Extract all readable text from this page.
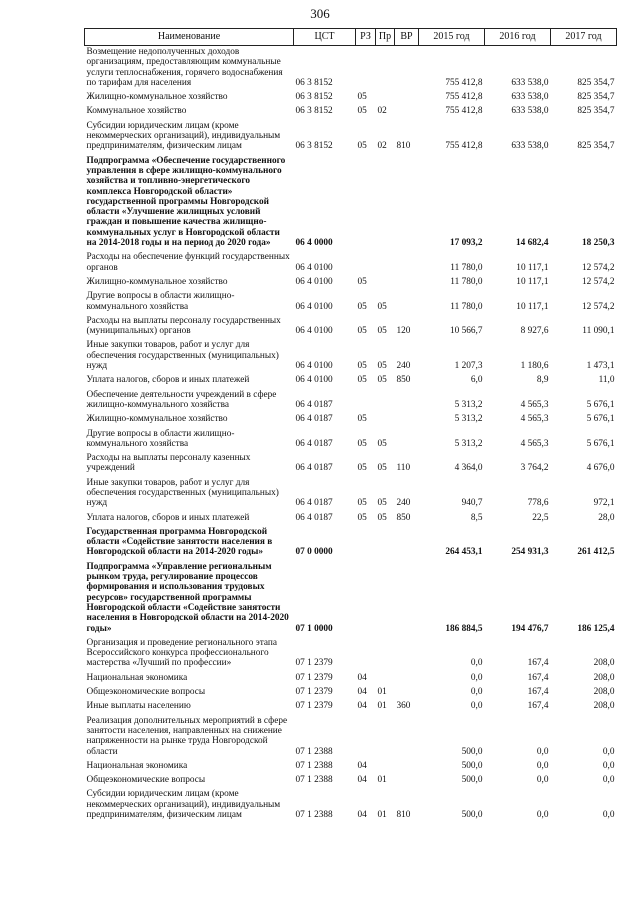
306
Наименование	ЦСТ	РЗ	Пр	ВР	2015 год	2016 год	2017 год
Возмещение недополученных доходов организациям, предоставляющим коммунальные услуги теплоснабжения, горячего водоснабжения по тарифам для населения	06 3 8152				755 412,8	633 538,0	825 354,7
Жилищно-коммунальное хозяйство	06 3 8152	05			755 412,8	633 538,0	825 354,7
Коммунальное хозяйство	06 3 8152	05	02		755 412,8	633 538,0	825 354,7
Субсидии юридическим лицам (кроме некоммерческих организаций), индивидуальным предпринимателям, физическим лицам	06 3 8152	05	02	810	755 412,8	633 538,0	825 354,7
Подпрограмма «Обеспечение государственного управления в сфере жилищно-коммунального хозяйства и топливно-энергетического комплекса Новгородской области» государственной программы Новгородской области «Улучшение жилищных условий граждан и повышение качества жилищно-коммунальных услуг в Новгородской области на 2014-2018 годы и на период до 2020 года»	06 4 0000				17 093,2	14 682,4	18 250,3
Расходы на обеспечение функций государственных органов	06 4 0100				11 780,0	10 117,1	12 574,2
Жилищно-коммунальное хозяйство	06 4 0100	05			11 780,0	10 117,1	12 574,2
Другие вопросы в области жилищно-коммунального хозяйства	06 4 0100	05	05		11 780,0	10 117,1	12 574,2
Расходы на выплаты персоналу государственных (муниципальных) органов	06 4 0100	05	05	120	10 566,7	8 927,6	11 090,1
Иные закупки товаров, работ и услуг для обеспечения государственных (муниципальных) нужд	06 4 0100	05	05	240	1 207,3	1 180,6	1 473,1
Уплата налогов, сборов и иных платежей	06 4 0100	05	05	850	6,0	8,9	11,0
Обеспечение деятельности учреждений в сфере жилищно-коммунального хозяйства	06 4 0187				5 313,2	4 565,3	5 676,1
Жилищно-коммунальное хозяйство	06 4 0187	05			5 313,2	4 565,3	5 676,1
Другие вопросы в области жилищно-коммунального хозяйства	06 4 0187	05	05		5 313,2	4 565,3	5 676,1
Расходы на выплаты персоналу казенных учреждений	06 4 0187	05	05	110	4 364,0	3 764,2	4 676,0
Иные закупки товаров, работ и услуг для обеспечения государственных (муниципальных) нужд	06 4 0187	05	05	240	940,7	778,6	972,1
Уплата налогов, сборов и иных платежей	06 4 0187	05	05	850	8,5	22,5	28,0
Государственная программа Новгородской области «Содействие занятости населения в Новгородской области на 2014-2020 годы»	07 0 0000				264 453,1	254 931,3	261 412,5
Подпрограмма «Управление региональным рынком труда, регулирование процессов формирования и использования трудовых ресурсов» государственной программы Новгородской области «Содействие занятости населения в Новгородской области на 2014-2020 годы»	07 1 0000				186 884,5	194 476,7	186 125,4
Организация и проведение регионального этапа Всероссийского конкурса профессионального мастерства «Лучший по профессии»	07 1 2379				0,0	167,4	208,0
Национальная экономика	07 1 2379	04			0,0	167,4	208,0
Общеэкономические вопросы	07 1 2379	04	01		0,0	167,4	208,0
Иные выплаты населению	07 1 2379	04	01	360	0,0	167,4	208,0
Реализация дополнительных мероприятий в сфере занятости населения, направленных на снижение напряженности на рынке труда Новгородской области	07 1 2388				500,0	0,0	0,0
Национальная экономика	07 1 2388	04			500,0	0,0	0,0
Общеэкономические вопросы	07 1 2388	04	01		500,0	0,0	0,0
Субсидии юридическим лицам (кроме некоммерческих организаций), индивидуальным предпринимателям, физическим лицам	07 1 2388	04	01	810	500,0	0,0	0,0
